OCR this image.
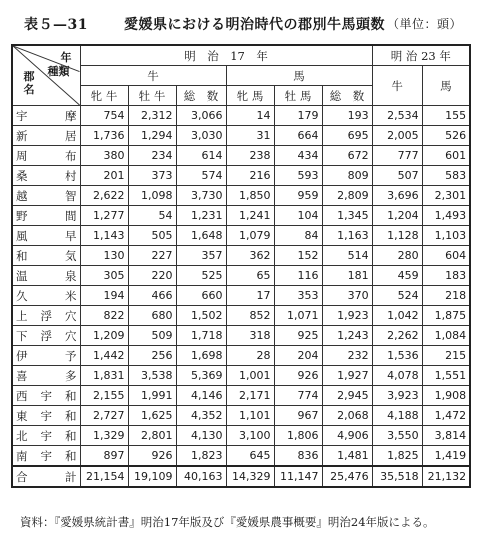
表５—31	愛媛県における明治時代の郡別牛馬頭数 （単位：頭）
年
種類
郡
名	明　治　17　年						明 治 23 年	
	牛			馬			牛	馬
	牝 牛	牡 牛	総　数	牝 馬	牡 馬	総　数		
宇摩	754	2,312	3,066	14	179	193	2,534	155
新居	1,736	1,294	3,030	31	664	695	2,005	526
周布	380	234	614	238	434	672	777	601
桑村	201	373	574	216	593	809	507	583
越智	2,622	1,098	3,730	1,850	959	2,809	3,696	2,301
野間	1,277	54	1,231	1,241	104	1,345	1,204	1,493
風早	1,143	505	1,648	1,079	84	1,163	1,128	1,103
和気	130	227	357	362	152	514	280	604
温泉	305	220	525	65	116	181	459	183
久米	194	466	660	17	353	370	524	218
上浮穴	822	680	1,502	852	1,071	1,923	1,042	1,875
下浮穴	1,209	509	1,718	318	925	1,243	2,262	1,084
伊予	1,442	256	1,698	28	204	232	1,536	215
喜多	1,831	3,538	5,369	1,001	926	1,927	4,078	1,551
西宇和	2,155	1,991	4,146	2,171	774	2,945	3,923	1,908
東宇和	2,727	1,625	4,352	1,101	967	2,068	4,188	1,472
北宇和	1,329	2,801	4,130	3,100	1,806	4,906	3,550	3,814
南宇和	897	926	1,823	645	836	1,481	1,825	1,419
合計	21,154	19,109	40,163	14,329	11,147	25,476	35,518	21,132
資料：『愛媛県統計書』明治17年版及び『愛媛県農事概要』明治24年版による。
